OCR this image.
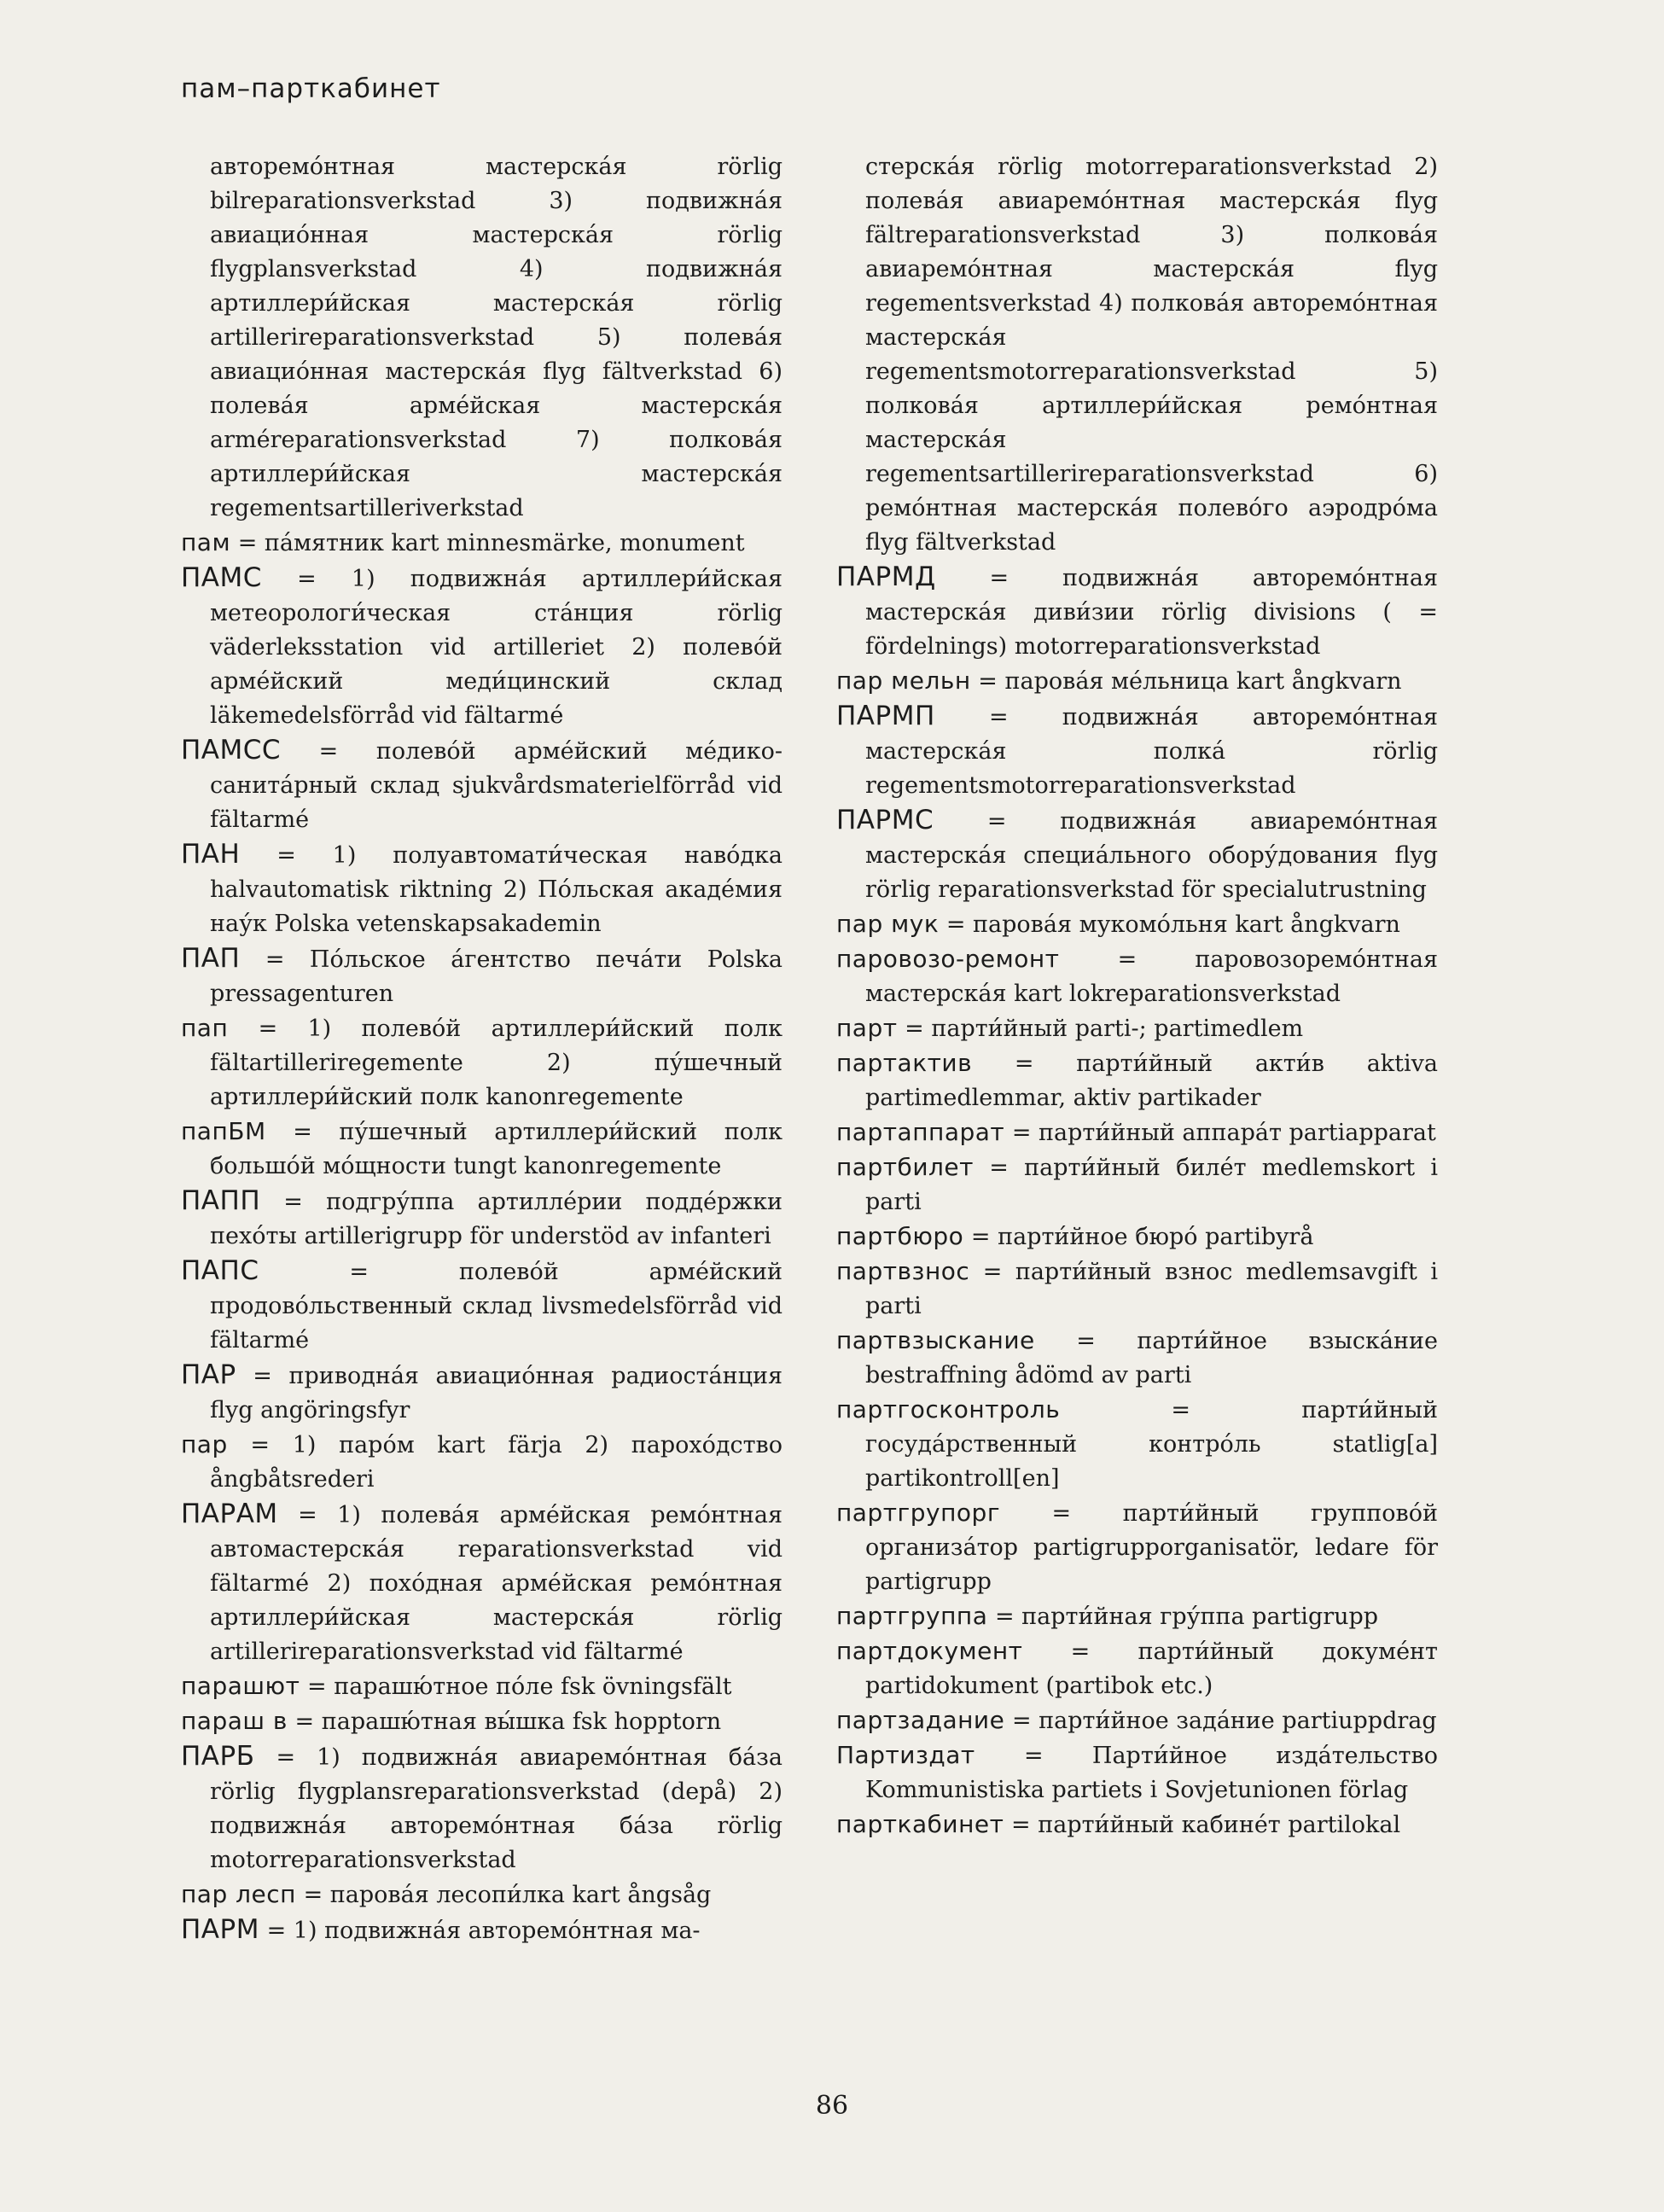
пам–парткабинет

авторемо́нтная мастерска́я rörlig bilreparationsverkstad 3) подвижна́я авиацио́нная мастерска́я rörlig flygplansverkstad 4) подвижна́я артиллери́йская мастерска́я rörlig artillerireparationsverkstad 5) полева́я авиацио́нная мастерска́я flyg fältverkstad 6) полева́я арме́йская мастерска́я arméreparationsverkstad 7) полкова́я артиллери́йская мастерска́я regementsartilleriverkstad

пам = па́мятник kart minnesmärke, monument

ПАМС = 1) подвижна́я артиллери́йская метеорологи́ческая ста́нция rörlig väderleksstation vid artilleriet 2) полево́й арме́йский меди́цинский склад läkemedelsförråd vid fältarmé

ПАМСС = полево́й арме́йский ме́дико-санита́рный склад sjukvårdsmaterielförråd vid fältarmé

ПАН = 1) полуавтомати́ческая наво́дка halvautomatisk riktning 2) По́льская акаде́мия нау́к Polska vetenskapsakademin

ПАП = По́льское а́гентство печа́ти Polska pressagenturen

пап = 1) полево́й артиллери́йский полк fältartilleriregemente 2) пу́шечный артиллери́йский полк kanonregemente

папБМ = пу́шечный артиллери́йский полк большо́й мо́щности tungt kanonregemente

ПАПП = подгру́ппа артилле́рии подде́ржки пехо́ты artillerigrupp för understöd av infanteri

ПАПС	= полево́й арме́йский продово́льственный склад livsmedelsförråd vid fältarmé

ПАР = приводна́я авиацио́нная радиоста́нция flyg angöringsfyr

пар = 1) паро́м kart färja 2) парохо́дство ångbåtsrederi

ПАРАМ = 1) полева́я арме́йская ремо́нтная автомастерска́я reparationsverkstad vid fältarmé 2) похо́дная арме́йская ремо́нтная артиллери́йская мастерска́я rörlig artillerireparationsverkstad vid fältarmé

парашют = парашю́тное по́ле fsk övningsfält

параш в = парашю́тная вы́шка fsk hopptorn

ПАРБ = 1) подвижна́я авиаремо́нтная ба́за rörlig flygplansreparationsverkstad (depå) 2) подвижна́я авторемо́нтная ба́за rörlig motorreparationsverkstad

пар лесп = парова́я лесопи́лка kart ångsåg

ПАРМ = 1) подвижна́я авторемо́нтная ма-

стерска́я rörlig motorreparationsverkstad 2) полева́я авиаремо́нтная мастерска́я flyg fältreparationsverkstad 3) полкова́я авиаремо́нтная мастерска́я flyg regementsverkstad 4) полкова́я авторемо́нтная мастерска́я regementsmotorreparationsverkstad 5) полкова́я артиллери́йская ремо́нтная мастерска́я regementsartillerireparationsverkstad 6) ремо́нтная мастерска́я полево́го аэродро́ма flyg fältverkstad

ПАРМД = подвижна́я авторемо́нтная мастерска́я диви́зии rörlig divisions ( = fördelnings) motorreparationsverkstad

пар мельн = парова́я ме́льница kart ångkvarn

ПАРМП = подвижна́я авторемо́нтная мастерска́я полка́ rörlig regementsmotorreparationsverkstad

ПАРМС = подвижна́я авиаремо́нтная мастерска́я специа́льного обору́дования flyg rörlig reparationsverkstad för specialutrustning

пар мук = парова́я мукомо́льня kart ångkvarn

паровозо-ремонт	= паровозоремо́нтная мастерска́я kart lokreparationsverkstad

парт = парти́йный parti-; partimedlem

партактив = парти́йный акти́в aktiva partimedlemmar, aktiv partikader

партаппарат = парти́йный аппара́т partiapparat

партбилет = парти́йный биле́т medlemskort i parti

партбюро = парти́йное бюро́ partibyrå

партвзнос = парти́йный взнос medlemsavgift i parti

партвзыскание = парти́йное взыска́ние bestraffning ådömd av parti

партгосконтроль	= парти́йный госуда́рственный контро́ль statlig[a] partikontroll[en]

партгрупорг = парти́йный группово́й организа́тор partigrupporganisatör, ledare för partigrupp

партгруппа = парти́йная гру́ппа partigrupp

партдокумент = парти́йный докуме́нт partidokument (partibok etc.)

партзадание = парти́йное зада́ние partiuppdrag

Партиздат = Парти́йное изда́тельство Kommunistiska partiets i Sovjetunionen förlag

парткабинет = парти́йный кабине́т partilokal

86
